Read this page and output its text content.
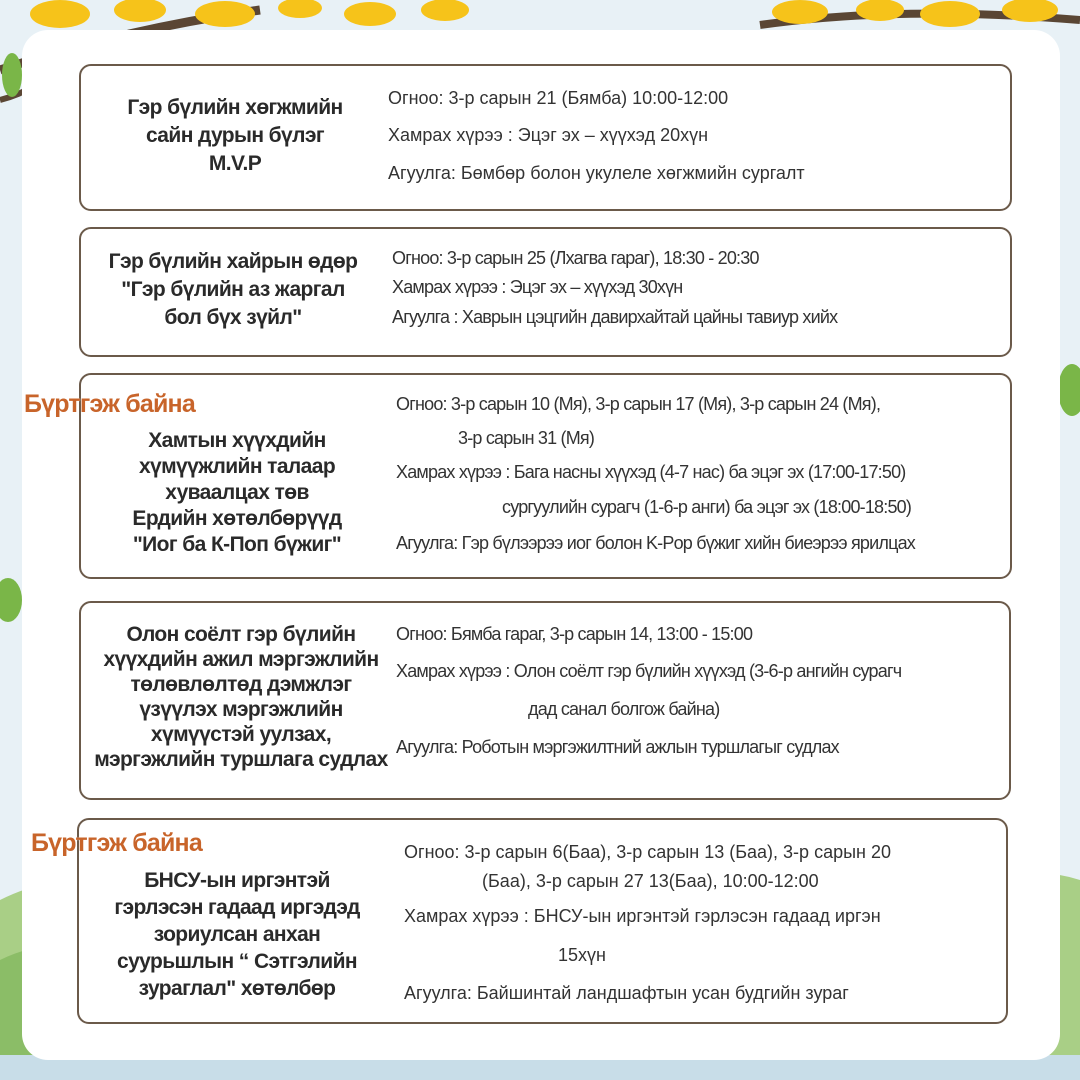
Гэр бүлийн хөгжмийн
сайн дурын бүлэг
M.V.P
Огноо: 3-р сарын 21 (Бямба) 10:00-12:00
Хамрах хүрээ : Эцэг эх – хүүхэд 20хүн
Агуулга: Бөмбөр болон укулеле хөгжмийн сургалт
Гэр бүлийн хайрын өдөр
"Гэр бүлийн аз жаргал
бол бүх зүйл"
Огноо: 3-р сарын 25 (Лхагва гараг), 18:30 - 20:30
Хамрах хүрээ : Эцэг эх – хүүхэд 30хүн
Агуулга : Хаврын цэцгийн давирхайтай цайны тавиур хийх
Бүртгэж байна
Хамтын хүүхдийн
хүмүүжлийн талаар
хуваалцах төв
Ердийн хөтөлбөрүүд
"Иог ба К-Поп бүжиг"
Огноо: 3-р сарын 10 (Мя), 3-р сарын 17 (Мя), 3-р сарын 24 (Мя),
3-р сарын 31 (Мя)
Хамрах хүрээ : Бага насны хүүхэд (4-7 нас) ба эцэг эх (17:00-17:50)
сургуулийн сурагч (1-6-р анги) ба эцэг эх (18:00-18:50)
Агуулга: Гэр бүлээрээ иог болон K-Pop бүжиг хийн биеэрээ ярилцах
Олон соёлт гэр бүлийн
хүүхдийн ажил мэргэжлийн
төлөвлөлтөд дэмжлэг
үзүүлэх мэргэжлийн
хүмүүстэй уулзах,
мэргэжлийн туршлага судлах
Огноо: Бямба гараг, 3-р сарын 14, 13:00 - 15:00
Хамрах хүрээ : Олон соёлт гэр бүлийн хүүхэд (3-6-р ангийн сурагч
дад санал болгож байна)
Агуулга: Роботын мэргэжилтний ажлын туршлагыг судлах
Бүртгэж байна
БНСУ-ын иргэнтэй
гэрлэсэн гадаад иргэдэд
зориулсан анхан
суурьшлын “ Сэтгэлийн
зураглал" хөтөлбөр
Огноо: 3-р сарын 6(Баа), 3-р сарын 13 (Баа), 3-р сарын 20
(Баа), 3-р сарын 27 13(Баа), 10:00-12:00
Хамрах хүрээ : БНСУ-ын иргэнтэй гэрлэсэн гадаад иргэн
15хүн
Агуулга: Байшинтай ландшафтын усан будгийн зураг
